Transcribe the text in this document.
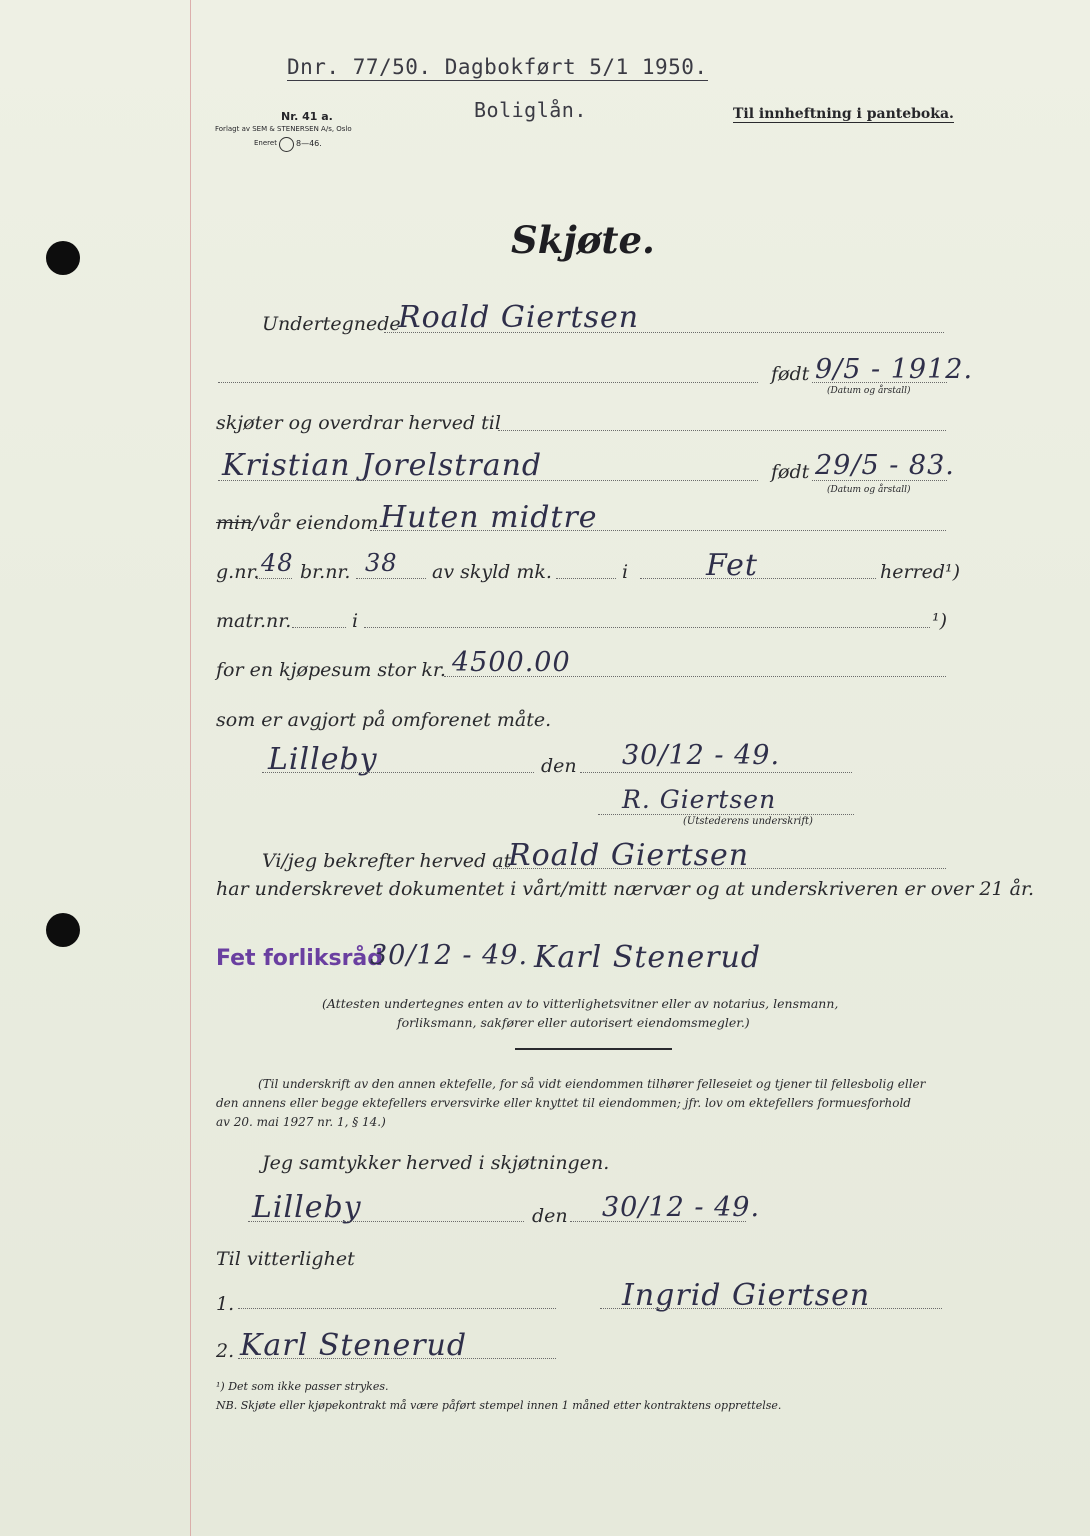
Dnr. 77/50. Dagbokført 5/1 1950.
Boliglån.	Til innheftning i panteboka.
Nr. 41 a.
Forlagt av SEM & STENERSEN A/s, Oslo
Eneret 8—46.
Skjøte.
Undertegnede
Roald Giertsen
født 9/5 - 1912.
(Datum og årstall)
skjøter og overdrar herved til
Kristian Jorelstrand	født 29/5 - 83.
(Datum og årstall)
min/vår eiendom Huten midtre
g.nr. 48 br.nr. 38 av skyld mk.	i	Fet	herred¹)
matr.nr.	i	¹)
for en kjøpesum stor kr. 4500.00
som er avgjort på omforenet måte.
Lilleby	den 30/12 - 49.
R. Giertsen
(Utstederens underskrift)
Vi/jeg bekrefter herved at
Roald Giertsen
har underskrevet dokumentet i vårt/mitt nærvær og at underskriveren er over 21 år.
Fet forliksråd
30/12 - 49. Karl Stenerud
(Attesten undertegnes enten av to vitterlighetsvitner eller av notarius, lensmann,
forliksmann, sakfører eller autorisert eiendomsmegler.)
(Til underskrift av den annen ektefelle, for så vidt eiendommen tilhører felleseiet og tjener til fellesbolig eller
den annens eller begge ektefellers erversvirke eller knyttet til eiendommen; jfr. lov om ektefellers formuesforhold
av 20. mai 1927 nr. 1, § 14.)
Jeg samtykker herved i skjøtningen.
Lilleby	den 30/12 - 49.
Til vitterlighet
1.	Ingrid Giertsen
2. Karl Stenerud
¹) Det som ikke passer strykes.
NB. Skjøte eller kjøpekontrakt må være påført stempel innen 1 måned etter kontraktens opprettelse.
